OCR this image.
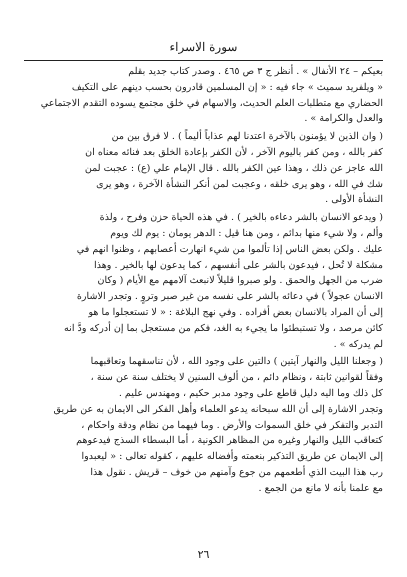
سورة الاسراء

بعيكم – ٢٤ الأنفال » . أنظر ج ٣ ص ٤٦٥ . وصدر كتاب جديد بقلم
« ويلفريد سميث » جاء فيه : « إن المسلمين قادرون بحسب دينهم على التكيف
الحضاري مع متطلبات العلم الحديث، والاسهام في خلق مجتمع يسوده التقدم الاجتماعي
والعدل والكرامة » .

( وان الذين لا يؤمنون بالآخرة اعتدنا لهم عذاباً أليماً ) . لا فرق بين من
كفر بالله ، ومن كفر باليوم الآخر ، لأن الكفر بإعادة الخلق بعد فنائه معناه ان
الله عاجز عن ذلك ، وهذا عين الكفر بالله . قال الإمام علي (ع) : عجبت لمن
شك في الله ، وهو يرى خلقه ، وعجبت لمن أنكر النشأة الآخرة ، وهو يرى
النشأة الأولى .

( ويدعو الانسان بالشر دعاءه بالخير ) . في هذه الحياة حزن وفرح ، ولذة
وألم ، ولا شيء منها بدائم ، ومن هنا قيل : الدهر يومان : يوم لك ويوم
عليك . ولكن بعض الناس إذا تألموا من شيء انهارت أعصابهم ، وظنوا انهم في
مشكلة لا تُحل ، فيدعون بالشر على أنفسهم ، كما يدعون لها بالخير . وهذا
ضرب من الجهل والحمق . ولو صبروا قليلاً لانبعث آلامهم مع الأيام ( وكان
الانسان عجولاً ) في دعائه بالشر على نفسه من غير صبر وتروٍ . وتجدر الاشارة
إلى أن المراد بالانسان بعض أفراده . وفي نهج البلاغة : « لا تستعجلوا ما هو
كائن مرصد ، ولا تستبطئوا ما يجيء به الغد، فكم من مستعجل بما إن أدركه ودَّ انه
لم يدركه » .

( وجعلنا الليل والنهار آيتين ) دالتين على وجود الله ، لأن تناسقهما وتعاقبهما
وفقاً لقوانين ثابتة ، ونظام دائم ، من ألوف السنين لا يختلف سنة عن سنة ،
كل ذلك وما اليه دليل قاطع على وجود مدبر حكيم ، ومهندس عليم .
وتجدر الاشارة إلى أن الله سبحانه يدعو العلماء وأهل الفكر الى الايمان به عن طريق
التدبر والتفكر في خلق السموات والأرض . وما فيهما من نظام ودقة واحكام ،
كتعاقب الليل والنهار وغيره من المظاهر الكونية ، أما البسطاء السذج فيدعوهم
إلى الايمان عن طريق التذكير بنعمته وأفضاله عليهم ، كقوله تعالى : « ليعبدوا
رب هذا البيت الذي أطعمهم من جوع وآمنهم من خوف – قريش . نقول هذا
مع علمنا بأنه لا مانع من الجمع .

٢٦
